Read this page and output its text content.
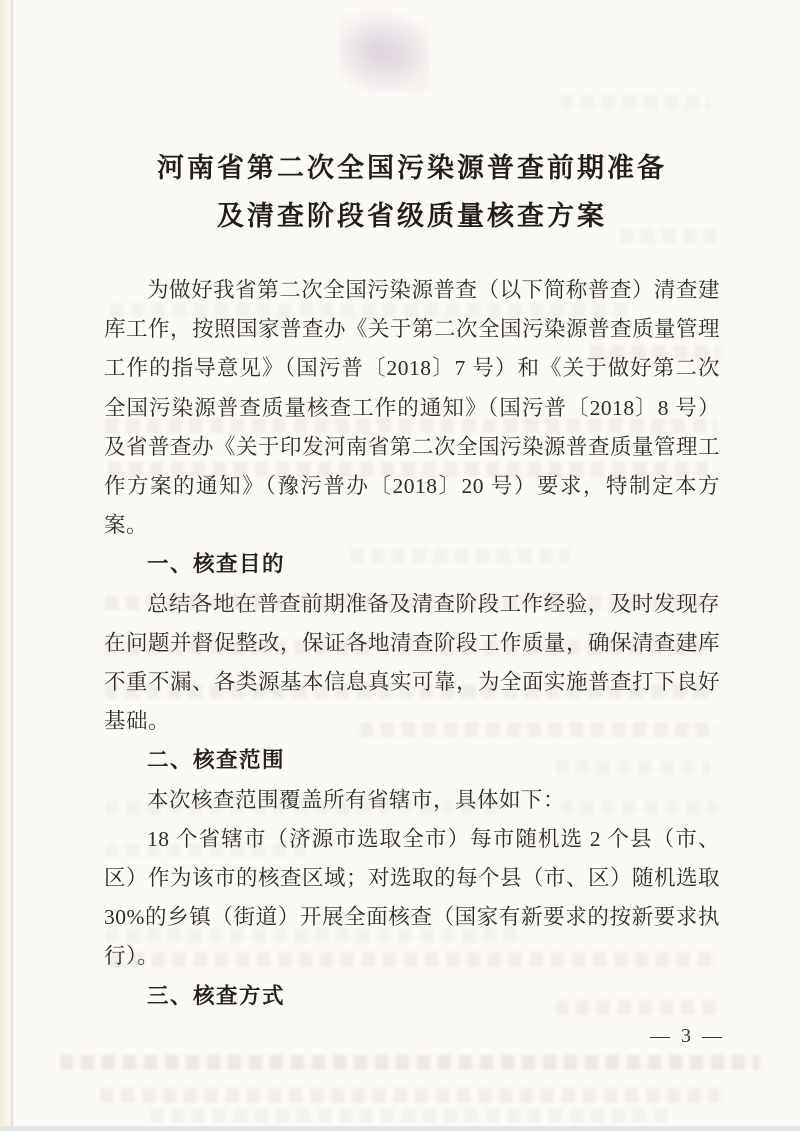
河南省第二次全国污染源普查前期准备
及清查阶段省级质量核查方案

为做好我省第二次全国污染源普查（以下简称普查）清查建库工作，按照国家普查办《关于第二次全国污染源普查质量管理工作的指导意见》（国污普〔2018〕7 号）和《关于做好第二次全国污染源普查质量核查工作的通知》（国污普〔2018〕8 号）及省普查办《关于印发河南省第二次全国污染源普查质量管理工作方案的通知》（豫污普办〔2018〕20 号）要求，特制定本方案。

一、核查目的

总结各地在普查前期准备及清查阶段工作经验，及时发现存在问题并督促整改，保证各地清查阶段工作质量，确保清查建库不重不漏、各类源基本信息真实可靠，为全面实施普查打下良好基础。

二、核查范围

本次核查范围覆盖所有省辖市，具体如下：

18 个省辖市（济源市选取全市）每市随机选 2 个县（市、区）作为该市的核查区域；对选取的每个县（市、区）随机选取30%的乡镇（街道）开展全面核查（国家有新要求的按新要求执行）。

三、核查方式

— 3 —
